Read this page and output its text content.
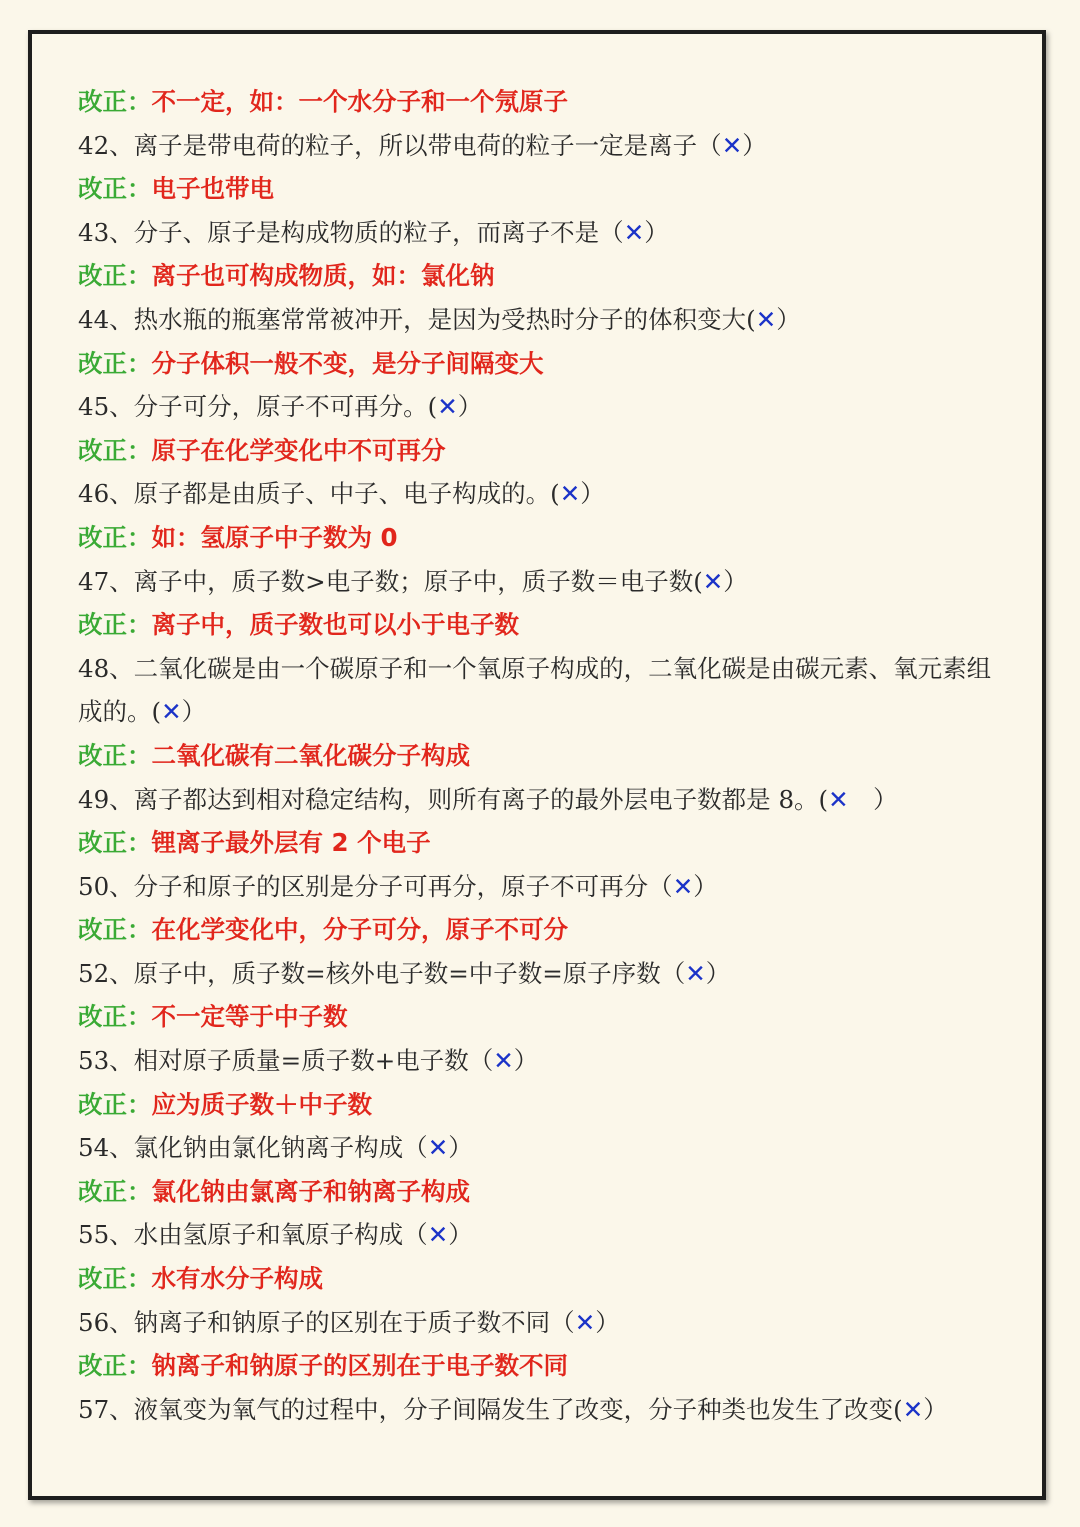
改正：不一定，如：一个水分子和一个氖原子
42、离子是带电荷的粒子，所以带电荷的粒子一定是离子（✕）
改正：电子也带电
43、分子、原子是构成物质的粒子，而离子不是（✕）
改正：离子也可构成物质，如：氯化钠
44、热水瓶的瓶塞常常被冲开，是因为受热时分子的体积变大(✕）
改正：分子体积一般不变，是分子间隔变大
45、分子可分，原子不可再分。(✕）
改正：原子在化学变化中不可再分
46、原子都是由质子、中子、电子构成的。(✕）
改正：如：氢原子中子数为 0
47、离子中，质子数>电子数；原子中，质子数＝电子数(✕）
改正：离子中，质子数也可以小于电子数
48、二氧化碳是由一个碳原子和一个氧原子构成的，二氧化碳是由碳元素、氧元素组成的。(✕）
改正：二氧化碳有二氧化碳分子构成
49、离子都达到相对稳定结构，则所有离子的最外层电子数都是 8。(✕　）
改正：锂离子最外层有 2 个电子
50、分子和原子的区别是分子可再分，原子不可再分（✕）
改正：在化学变化中，分子可分，原子不可分
52、原子中，质子数=核外电子数=中子数=原子序数（✕）
改正：不一定等于中子数
53、相对原子质量=质子数+电子数（✕）
改正：应为质子数＋中子数
54、氯化钠由氯化钠离子构成（✕）
改正：氯化钠由氯离子和钠离子构成
55、水由氢原子和氧原子构成（✕）
改正：水有水分子构成
56、钠离子和钠原子的区别在于质子数不同（✕）
改正：钠离子和钠原子的区别在于电子数不同
57、液氧变为氧气的过程中，分子间隔发生了改变，分子种类也发生了改变(✕）
